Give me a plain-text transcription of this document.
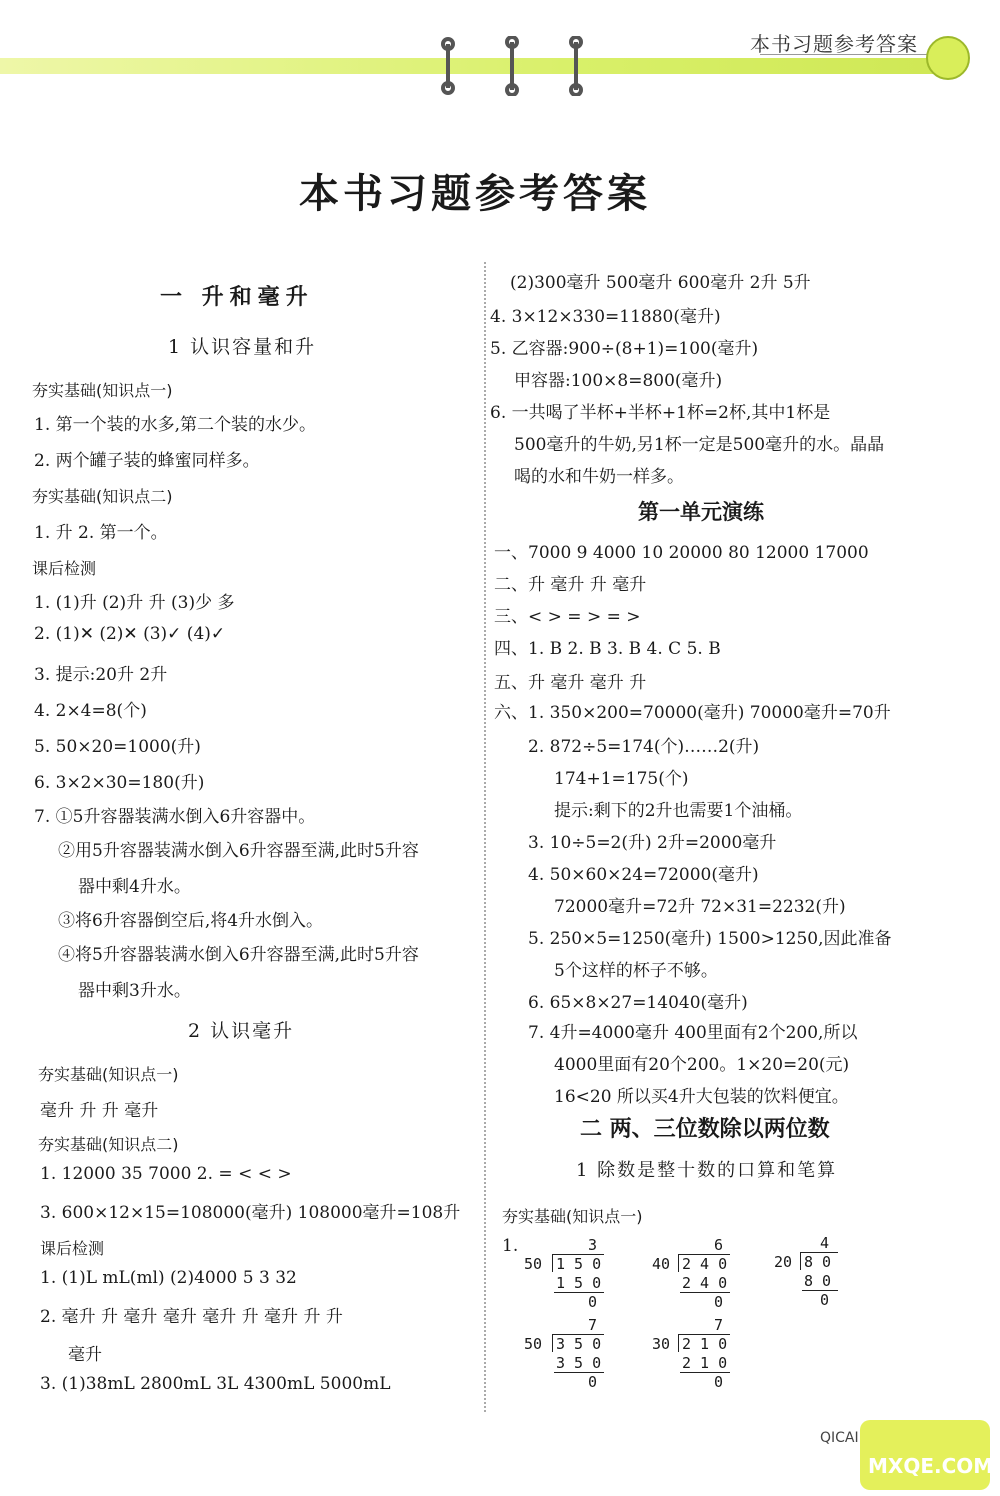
本书习题参考答案
本书习题参考答案
一 升和毫升
1 认识容量和升
夯实基础(知识点一)
1. 第一个装的水多,第二个装的水少。
2. 两个罐子装的蜂蜜同样多。
夯实基础(知识点二)
1. 升 2. 第一个。
课后检测
1. (1)升 (2)升 升 (3)少 多
2. (1)✕ (2)✕ (3)✓ (4)✓
3. 提示:20升 2升
4. 2×4=8(个)
5. 50×20=1000(升)
6. 3×2×30=180(升)
7. ①5升容器装满水倒入6升容器中。
②用5升容器装满水倒入6升容器至满,此时5升容
器中剩4升水。
③将6升容器倒空后,将4升水倒入。
④将5升容器装满水倒入6升容器至满,此时5升容
器中剩3升水。
2 认识毫升
夯实基础(知识点一)
毫升 升 升 毫升
夯实基础(知识点二)
1. 12000 35 7000 2. = < < >
3. 600×12×15=108000(毫升) 108000毫升=108升
课后检测
1. (1)L mL(ml) (2)4000 5 3 32
2. 毫升 升 毫升 毫升 毫升 升 毫升 升 升
毫升
3. (1)38mL 2800mL 3L 4300mL 5000mL
(2)300毫升 500毫升 600毫升 2升 5升
4. 3×12×330=11880(毫升)
5. 乙容器:900÷(8+1)=100(毫升)
甲容器:100×8=800(毫升)
6. 一共喝了半杯+半杯+1杯=2杯,其中1杯是
500毫升的牛奶,另1杯一定是500毫升的水。晶晶
喝的水和牛奶一样多。
第一单元演练
一、7000 9 4000 10 20000 80 12000 17000
二、升 毫升 升 毫升
三、< > = > = >
四、1. B 2. B 3. B 4. C 5. B
五、升 毫升 毫升 升
六、1. 350×200=70000(毫升) 70000毫升=70升
2. 872÷5=174(个)……2(升)
174+1=175(个)
提示:剩下的2升也需要1个油桶。
3. 10÷5=2(升) 2升=2000毫升
4. 50×60×24=72000(毫升)
72000毫升=72升 72×31=2232(升)
5. 250×5=1250(毫升) 1500>1250,因此准备
5个这样的杯子不够。
6. 65×8×27=14040(毫升)
7. 4升=4000毫升 400里面有2个200,所以
4000里面有20个200。1×20=20(元)
16<20 所以买4升大包装的饮料便宜。
二 两、三位数除以两位数
1 除数是整十数的口算和笔算
夯实基础(知识点一)
1.	3
50 1 5 0
1 5 0
0
6
40 2 4 0
2 4 0
0
4
20 8 0
8 0
0
7
50 3 5 0
3 5 0
0
7
30 2 1 0
2 1 0
0
QICAI
MXQE.COM
